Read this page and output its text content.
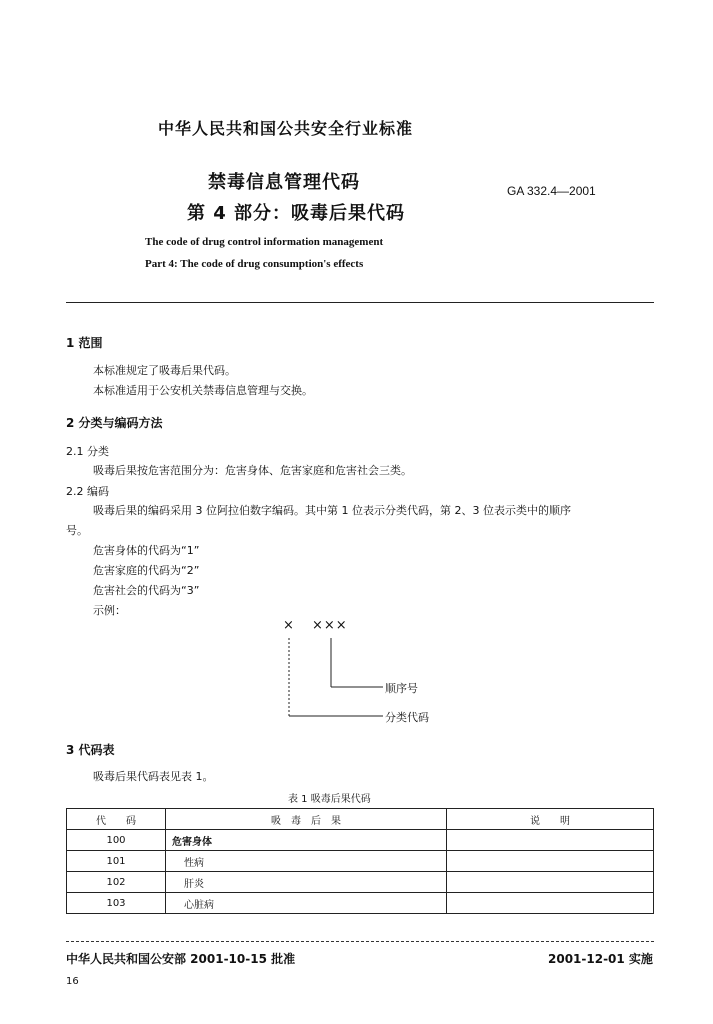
中华人民共和国公共安全行业标准
禁毒信息管理代码
第 4 部分：吸毒后果代码
GA 332.4—2001
The code of drug control information management
Part 4: The code of drug consumption's effects
1 范围
本标准规定了吸毒后果代码。
本标准适用于公安机关禁毒信息管理与交换。
2 分类与编码方法
2.1 分类
吸毒后果按危害范围分为：危害身体、危害家庭和危害社会三类。
2.2 编码
吸毒后果的编码采用 3 位阿拉伯数字编码。其中第 1 位表示分类代码，第 2、3 位表示类中的顺序
号。
危害身体的代码为“1”
危害家庭的代码为“2”
危害社会的代码为“3”
示例：
× ×××
顺序号
分类代码
3 代码表
吸毒后果代码表见表 1。
表 1 吸毒后果代码
代　　码	吸　毒　后　果	说　　明
100	危害身体	
101	性病	
102	肝炎	
103	心脏病	
中华人民共和国公安部 2001-10-15 批准	2001-12-01 实施
16
